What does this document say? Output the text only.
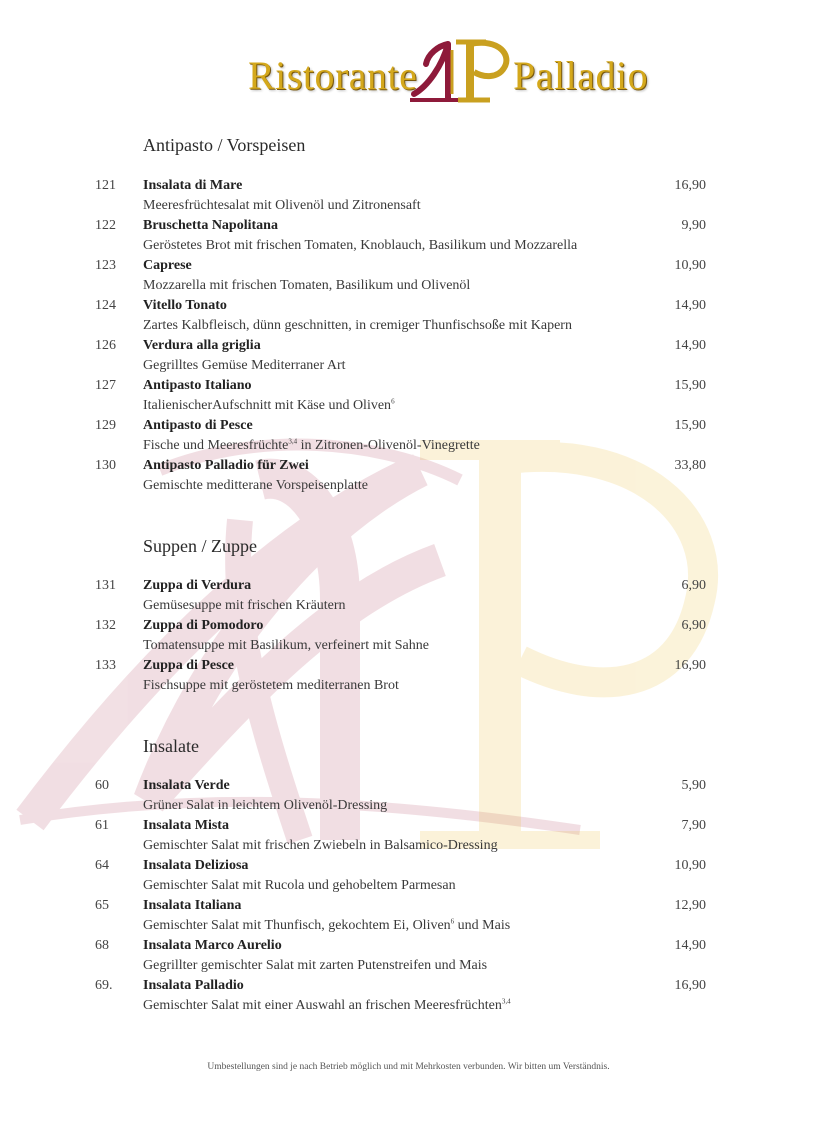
Ristorante Palladio
Antipasto / Vorspeisen
121 Insalata di Mare	16,90
Meeresfrüchtesalat mit Olivenöl und Zitronensaft
122 Bruschetta Napolitana	9,90
Geröstetes Brot mit frischen Tomaten, Knoblauch, Basilikum und Mozzarella
123 Caprese	10,90
Mozzarella mit frischen Tomaten, Basilikum und Olivenöl
124 Vitello Tonato	14,90
Zartes Kalbfleisch, dünn geschnitten, in cremiger Thunfischsoße mit Kapern
126 Verdura alla griglia	14,90
Gegrilltes Gemüse Mediterraner Art
127 Antipasto Italiano	15,90
ItalienischerAufschnitt mit Käse und Oliven$^6$
129 Antipasto di Pesce	15,90
Fische und Meeresfrüchte$^{3,4}$ in Zitronen-Olivenöl-Vinegrette
130 Antipasto Palladio für Zwei	33,80
Gemischte meditterane Vorspeisenplatte
Suppen / Zuppe
131 Zuppa di Verdura	6,90
Gemüsesuppe mit frischen Kräutern
132 Zuppa di Pomodoro	6,90
Tomatensuppe mit Basilikum, verfeinert mit Sahne
133 Zuppa di Pesce	16,90
Fischsuppe mit geröstetem mediterranen Brot
Insalate
60 Insalata Verde	5,90
Grüner Salat in leichtem Olivenöl-Dressing
61 Insalata Mista	7,90
Gemischter Salat mit frischen Zwiebeln in Balsamico-Dressing
64 Insalata Deliziosa	10,90
Gemischter Salat mit Rucola und gehobeltem Parmesan
65 Insalata Italiana	12,90
Gemischter Salat mit Thunfisch, gekochtem Ei, Oliven$^6$ und Mais
68 Insalata Marco Aurelio	14,90
Gegrillter gemischter Salat mit zarten Putenstreifen und Mais
69. Insalata Palladio	16,90
Gemischter Salat mit einer Auswahl an frischen Meeresfrüchten$^{3,4}$
Umbestellungen sind je nach Betrieb möglich und mit Mehrkosten verbunden. Wir bitten um Verständnis.
